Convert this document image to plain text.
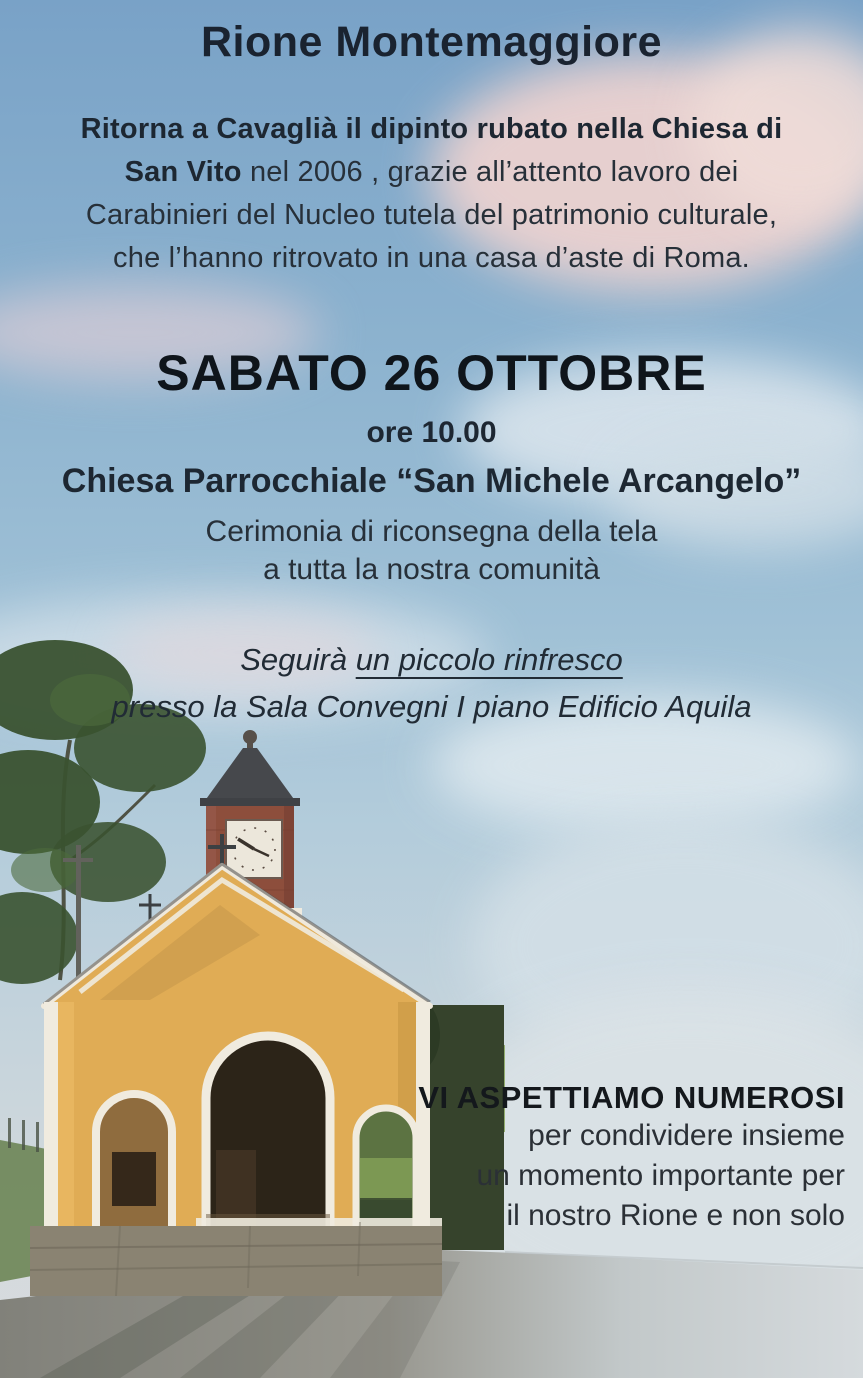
Rione Montemaggiore
Ritorna a Cavaglià il dipinto rubato nella Chiesa di
San Vito nel 2006 , grazie all’attento lavoro dei
Carabinieri del Nucleo tutela del patrimonio culturale,
che l’hanno ritrovato in una casa d’aste di Roma.
SABATO 26 OTTOBRE
ore 10.00
Chiesa Parrocchiale “San Michele Arcangelo”
Cerimonia di riconsegna della tela
a tutta la nostra comunità
Seguirà un piccolo rinfresco
presso la Sala Convegni I piano Edificio Aquila
VI ASPETTIAMO NUMEROSI
per condividere insieme
un momento importante per
il nostro Rione e non solo
